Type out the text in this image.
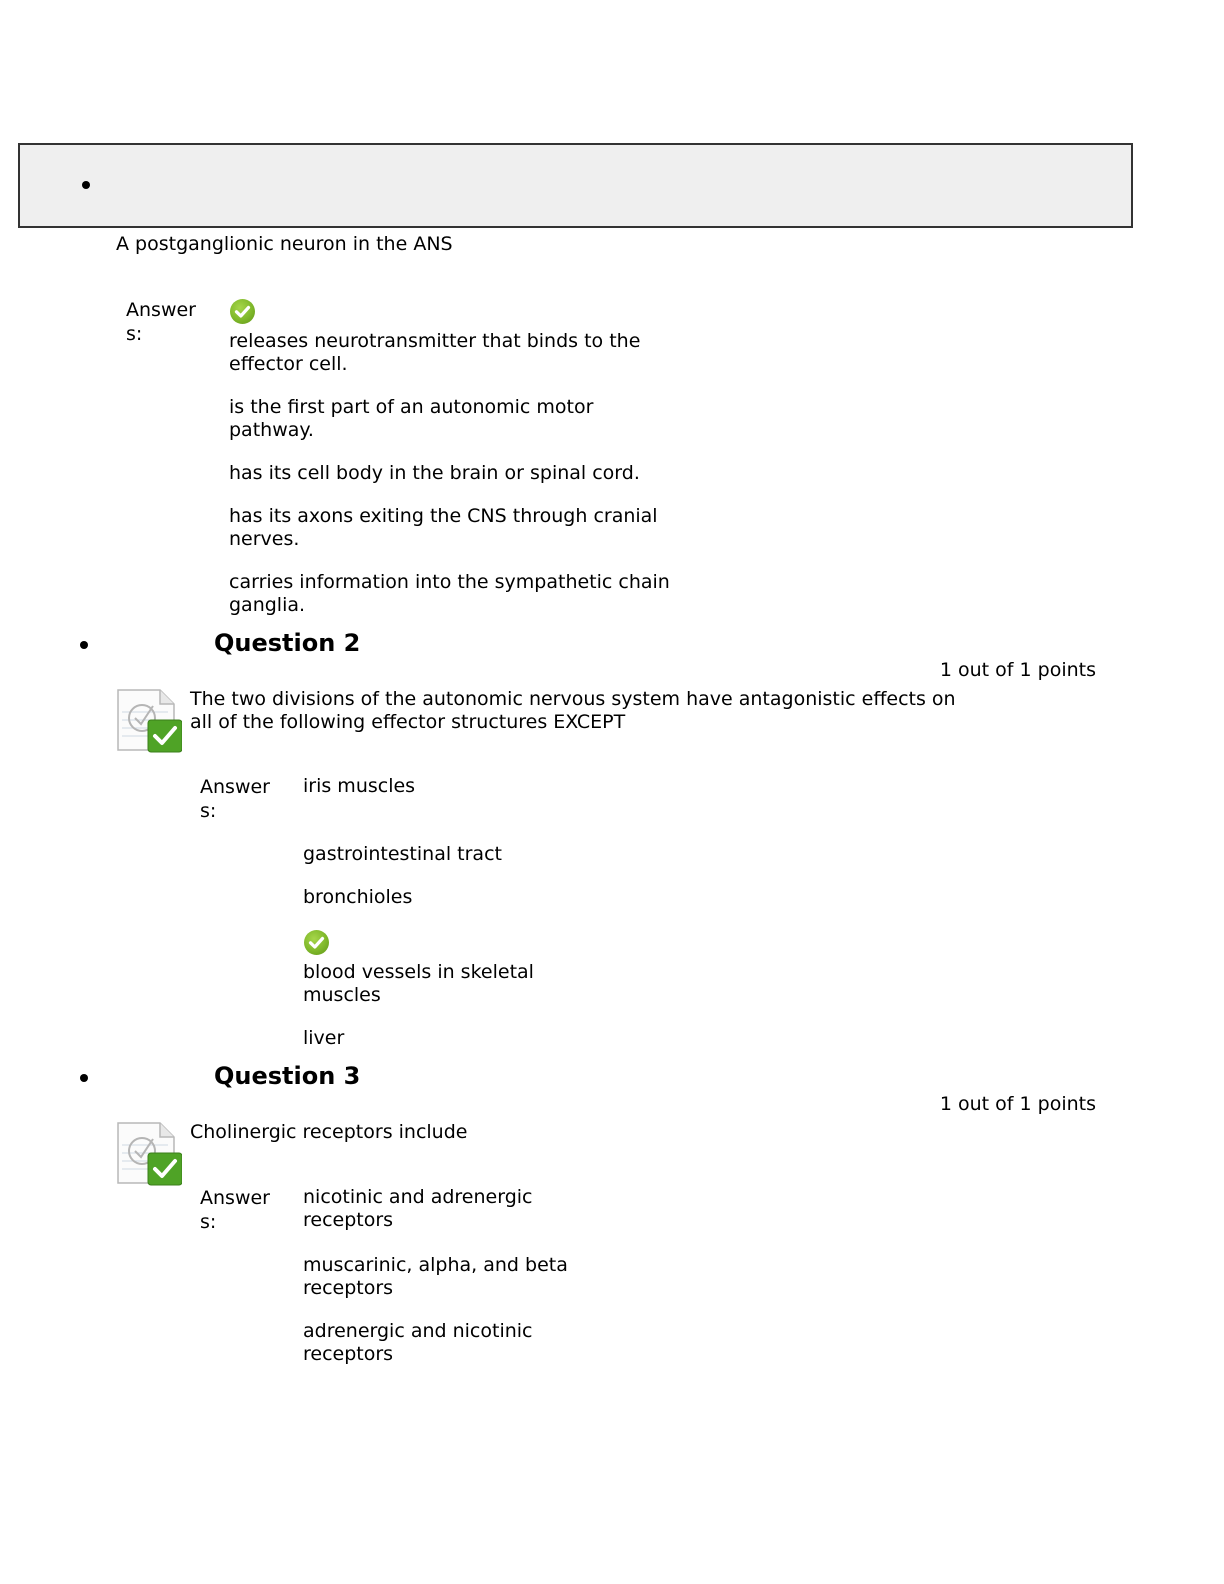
A postganglionic neuron in the ANS
Answer
s:	releases neurotransmitter that binds to the
effector cell.
is the first part of an autonomic motor
pathway.
has its cell body in the brain or spinal cord.
has its axons exiting the CNS through cranial
nerves.
carries information into the sympathetic chain
ganglia.
Question 2
1 out of 1 points
The two divisions of the autonomic nervous system have antagonistic effects on
all of the following effector structures EXCEPT
Answer
s:
iris muscles
gastrointestinal tract
bronchioles
blood vessels in skeletal
muscles
liver
Question 3
1 out of 1 points
Cholinergic receptors include
Answer
s:
nicotinic and adrenergic
receptors
muscarinic, alpha, and beta
receptors
adrenergic and nicotinic
receptors
